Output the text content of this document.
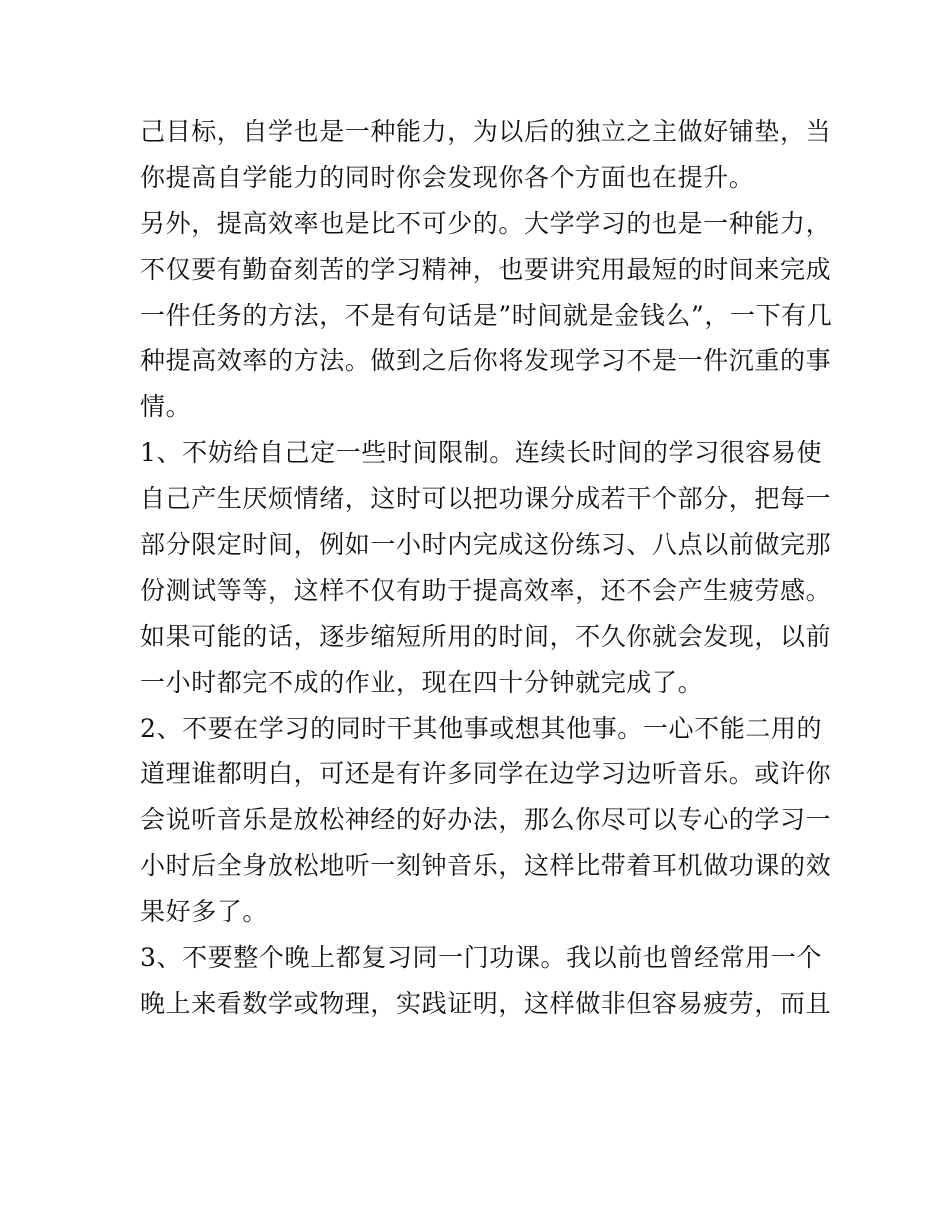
己目标，自学也是一种能力，为以后的独立之主做好铺垫，当
你提高自学能力的同时你会发现你各个方面也在提升。
另外，提高效率也是比不可少的。大学学习的也是一种能力，
不仅要有勤奋刻苦的学习精神，也要讲究用最短的时间来完成
一件任务的方法，不是有句话是”时间就是金钱么”，一下有几
种提高效率的方法。做到之后你将发现学习不是一件沉重的事
情。
1、不妨给自己定一些时间限制。连续长时间的学习很容易使
自己产生厌烦情绪，这时可以把功课分成若干个部分，把每一
部分限定时间，例如一小时内完成这份练习、八点以前做完那
份测试等等，这样不仅有助于提高效率，还不会产生疲劳感。
如果可能的话，逐步缩短所用的时间，不久你就会发现，以前
一小时都完不成的作业，现在四十分钟就完成了。
2、不要在学习的同时干其他事或想其他事。一心不能二用的
道理谁都明白，可还是有许多同学在边学习边听音乐。或许你
会说听音乐是放松神经的好办法，那么你尽可以专心的学习一
小时后全身放松地听一刻钟音乐，这样比带着耳机做功课的效
果好多了。
3、不要整个晚上都复习同一门功课。我以前也曾经常用一个
晚上来看数学或物理，实践证明，这样做非但容易疲劳，而且
